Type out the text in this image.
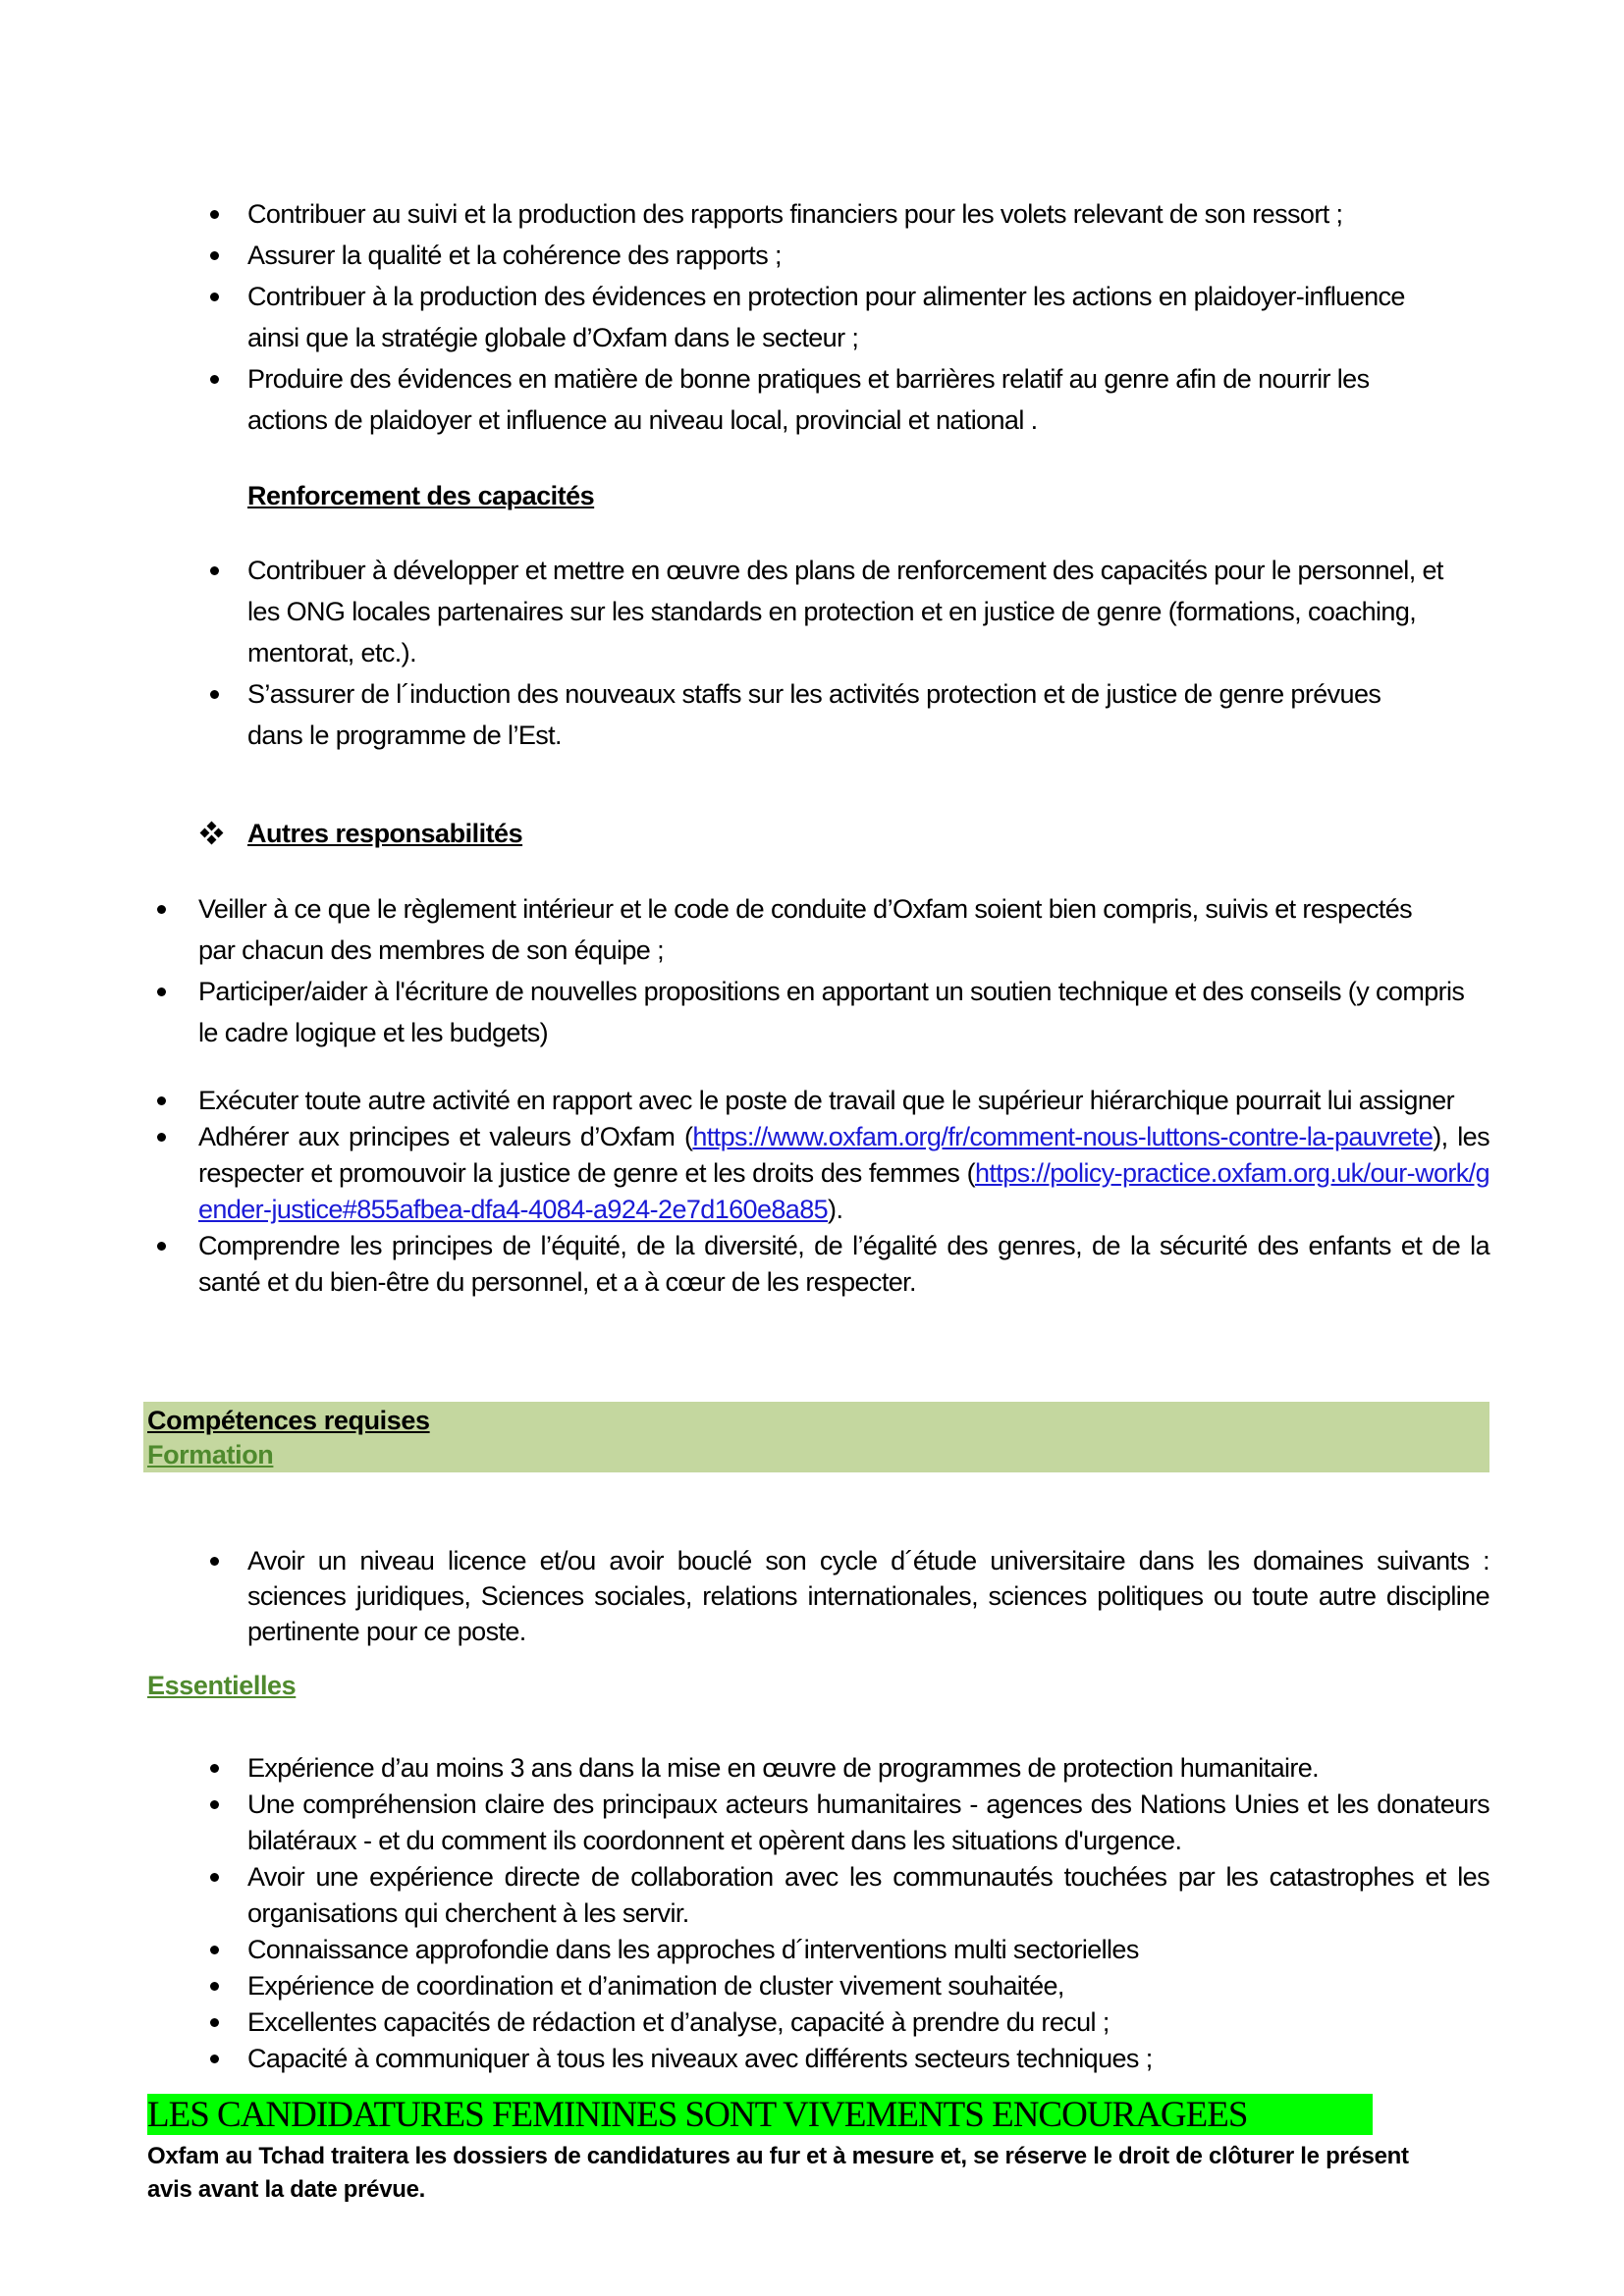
Contribuer au suivi et la production des rapports financiers pour les volets relevant de son ressort ;
Assurer la qualité et la cohérence des rapports ;
Contribuer à la production des évidences en protection pour alimenter les actions en plaidoyer-influence ainsi que la stratégie globale d’Oxfam dans le secteur ;
Produire des évidences en matière de bonne pratiques et barrières relatif au genre afin de nourrir les actions de plaidoyer et influence au niveau local, provincial et national .
Renforcement des capacités
Contribuer à développer et mettre en œuvre des plans de renforcement des capacités pour le personnel, et les ONG locales partenaires sur les standards en protection et en justice de genre (formations, coaching, mentorat, etc.).
S’assurer de l´induction des nouveaux staffs sur les activités protection et de justice de genre prévues dans le programme de l’Est.
Autres responsabilités
Veiller à ce que le règlement intérieur et le code de conduite d’Oxfam soient bien compris, suivis et respectés par chacun des membres de son équipe ;
Participer/aider à l'écriture de nouvelles propositions en apportant un soutien technique et des conseils (y compris le cadre logique et les budgets)
Exécuter toute autre activité en rapport avec le poste de travail que le supérieur hiérarchique pourrait lui assigner
Adhérer aux principes et valeurs d’Oxfam (https://www.oxfam.org/fr/comment-nous-luttons-contre-la-pauvrete), les respecter et promouvoir la justice de genre et les droits des femmes (https://policy-practice.oxfam.org.uk/our-work/gender-justice#855afbea-dfa4-4084-a924-2e7d160e8a85).
Comprendre les principes de l’équité, de la diversité, de l’égalité des genres, de la sécurité des enfants et de la santé et du bien-être du personnel, et a à cœur de les respecter.
Compétences requises
Formation
Avoir un niveau licence et/ou avoir bouclé son cycle d´étude universitaire dans les domaines suivants : sciences juridiques, Sciences sociales, relations internationales, sciences politiques ou toute autre discipline pertinente pour ce poste.
Essentielles
Expérience d’au moins 3 ans dans la mise en œuvre de programmes de protection humanitaire.
Une compréhension claire des principaux acteurs humanitaires - agences des Nations Unies et les donateurs bilatéraux - et du comment ils coordonnent et opèrent dans les situations d'urgence.
Avoir une expérience directe de collaboration avec les communautés touchées par les catastrophes et les organisations qui cherchent à les servir.
Connaissance approfondie dans les approches d´interventions multi sectorielles
Expérience de coordination et d’animation de cluster vivement souhaitée,
Excellentes capacités de rédaction et d’analyse, capacité à prendre du recul ;
Capacité à communiquer à tous les niveaux avec différents secteurs techniques ;
LES CANDIDATURES FEMININES SONT VIVEMENTS ENCOURAGEES
Oxfam au Tchad traitera les dossiers de candidatures au fur et à mesure et, se réserve le droit de clôturer le présent avis avant la date prévue.
